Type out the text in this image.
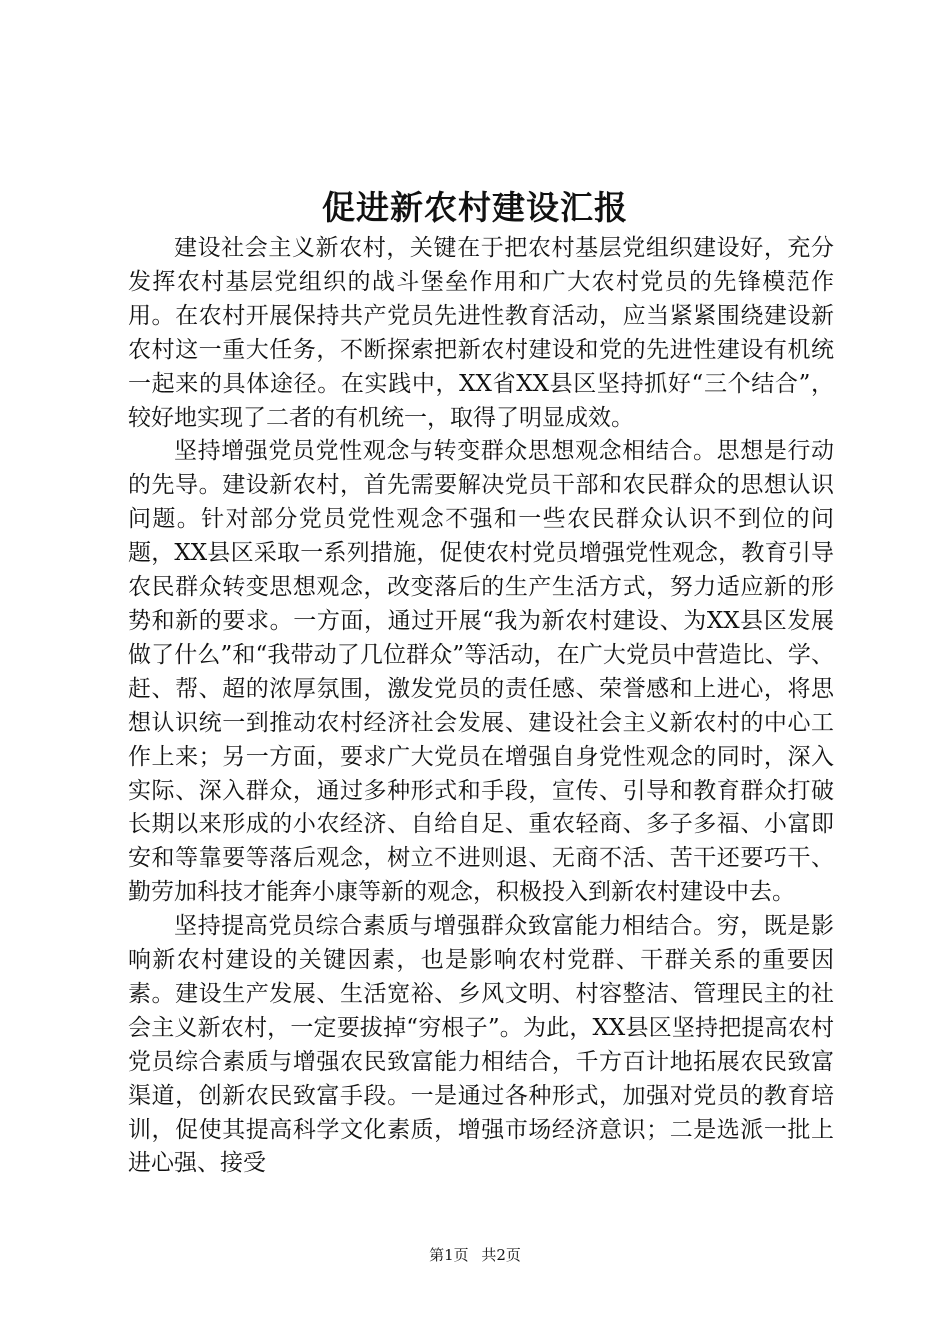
促进新农村建设汇报

建设社会主义新农村，关键在于把农村基层党组织建设好，充分发挥农村基层党组织的战斗堡垒作用和广大农村党员的先锋模范作用。在农村开展保持共产党员先进性教育活动，应当紧紧围绕建设新农村这一重大任务，不断探索把新农村建设和党的先进性建设有机统一起来的具体途径。在实践中，XX省XX县区坚持抓好“三个结合”，较好地实现了二者的有机统一，取得了明显成效。

坚持增强党员党性观念与转变群众思想观念相结合。思想是行动的先导。建设新农村，首先需要解决党员干部和农民群众的思想认识问题。针对部分党员党性观念不强和一些农民群众认识不到位的问题，XX县区采取一系列措施，促使农村党员增强党性观念，教育引导农民群众转变思想观念，改变落后的生产生活方式，努力适应新的形势和新的要求。一方面，通过开展“我为新农村建设、为XX县区发展做了什么”和“我带动了几位群众”等活动，在广大党员中营造比、学、赶、帮、超的浓厚氛围，激发党员的责任感、荣誉感和上进心，将思想认识统一到推动农村经济社会发展、建设社会主义新农村的中心工作上来；另一方面，要求广大党员在增强自身党性观念的同时，深入实际、深入群众，通过多种形式和手段，宣传、引导和教育群众打破长期以来形成的小农经济、自给自足、重农轻商、多子多福、小富即安和等靠要等落后观念，树立不进则退、无商不活、苦干还要巧干、勤劳加科技才能奔小康等新的观念，积极投入到新农村建设中去。

坚持提高党员综合素质与增强群众致富能力相结合。穷，既是影响新农村建设的关键因素，也是影响农村党群、干群关系的重要因素。建设生产发展、生活宽裕、乡风文明、村容整洁、管理民主的社会主义新农村，一定要拔掉“穷根子”。为此，XX县区坚持把提高农村党员综合素质与增强农民致富能力相结合，千方百计地拓展农民致富渠道，创新农民致富手段。一是通过各种形式，加强对党员的教育培训，促使其提高科学文化素质，增强市场经济意识；二是选派一批上进心强、接受

第1页 共2页
